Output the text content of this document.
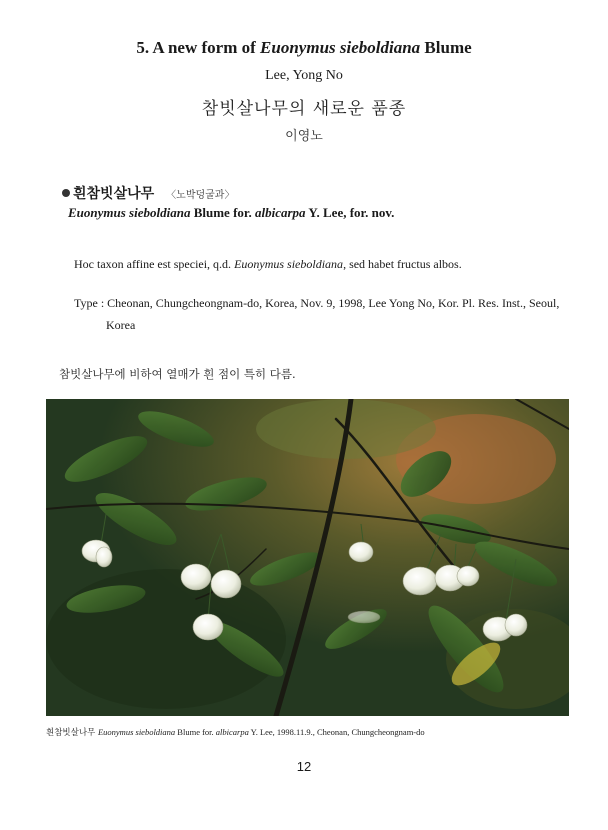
5. A new form of Euonymus sieboldiana Blume
Lee, Yong No
참빗살나무의 새로운 품종
이영노
흰참빗살나무 〈노박덩굴과〉
Euonymus sieboldiana Blume for. albicarpa Y. Lee, for. nov.
Hoc taxon affine est speciei, q.d. Euonymus sieboldiana, sed habet fructus albos.
Type : Cheonan, Chungcheongnam-do, Korea, Nov. 9, 1998, Lee Yong No, Kor. Pl. Res. Inst., Seoul,
Korea
참빗살나무에 비하여 열매가 흰 점이 특히 다름.
흰참빗살나무 Euonymus sieboldiana Blume for. albicarpa Y. Lee, 1998.11.9., Cheonan, Chungcheongnam-do
12
